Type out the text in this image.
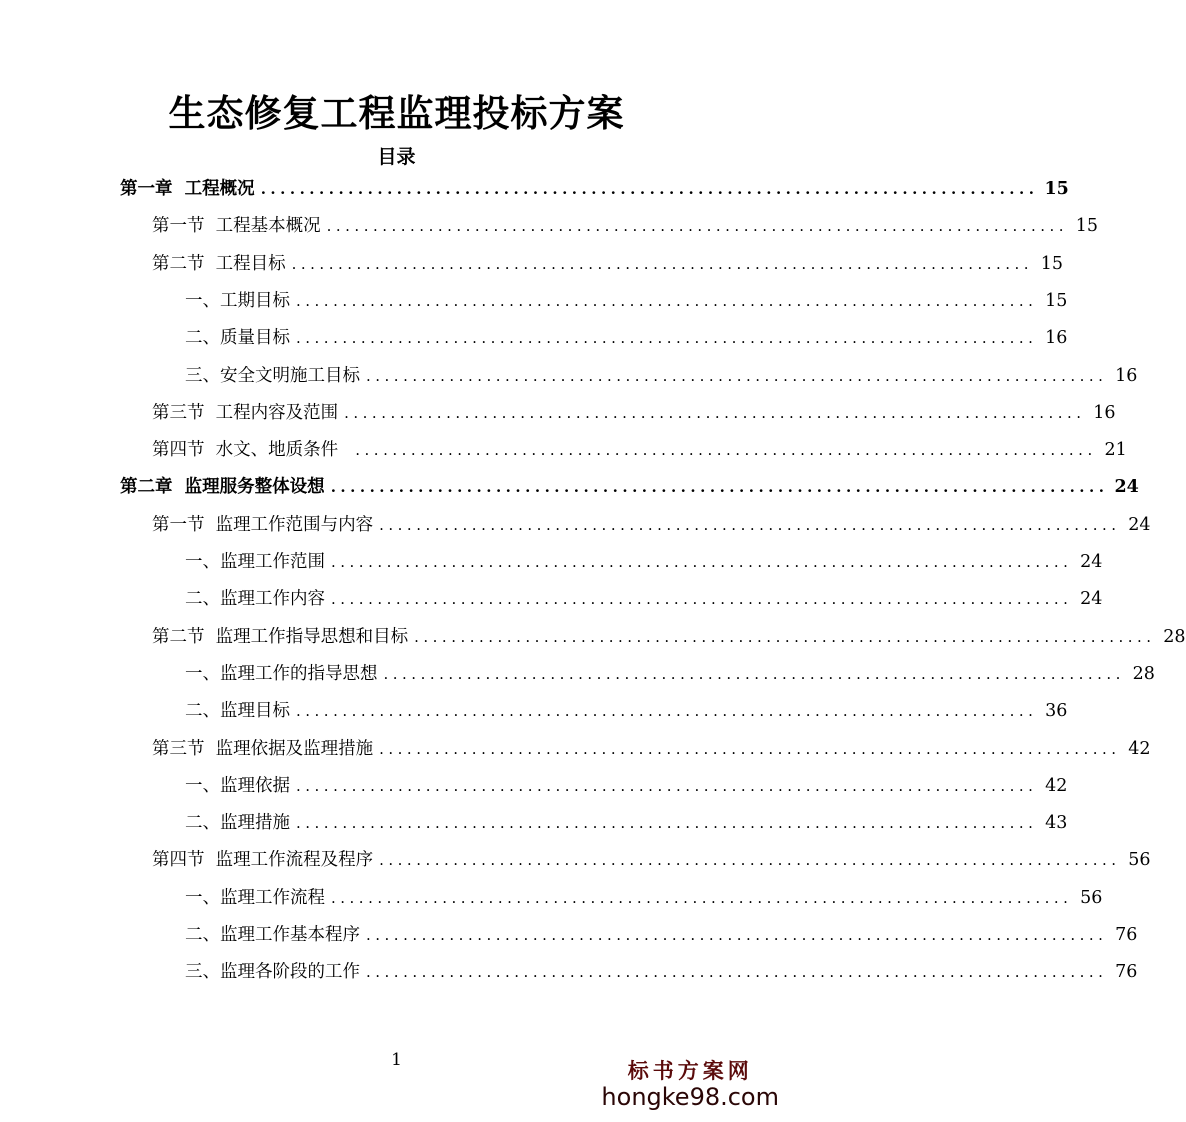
生态修复工程监理投标方案
目录
第一章  工程概况 ................................................................................ 15
第一节  工程基本概况 ................................................................................ 15
第二节  工程目标 ................................................................................ 15
一、工期目标 ................................................................................ 15
二、质量目标 ................................................................................ 16
三、安全文明施工目标 ................................................................................ 16
第三节  工程内容及范围 ................................................................................ 16
第四节  水文、地质条件 ................................................................................ 21
第二章  监理服务整体设想 ................................................................................ 24
第一节  监理工作范围与内容 ................................................................................ 24
一、监理工作范围 ................................................................................ 24
二、监理工作内容 ................................................................................ 24
第二节  监理工作指导思想和目标 ................................................................................ 28
一、监理工作的指导思想 ................................................................................ 28
二、监理目标 ................................................................................ 36
第三节  监理依据及监理措施 ................................................................................ 42
一、监理依据 ................................................................................ 42
二、监理措施 ................................................................................ 43
第四节  监理工作流程及程序 ................................................................................ 56
一、监理工作流程 ................................................................................ 56
二、监理工作基本程序 ................................................................................ 76
三、监理各阶段的工作 ................................................................................ 76
1	标书方案网
hongke98.com
